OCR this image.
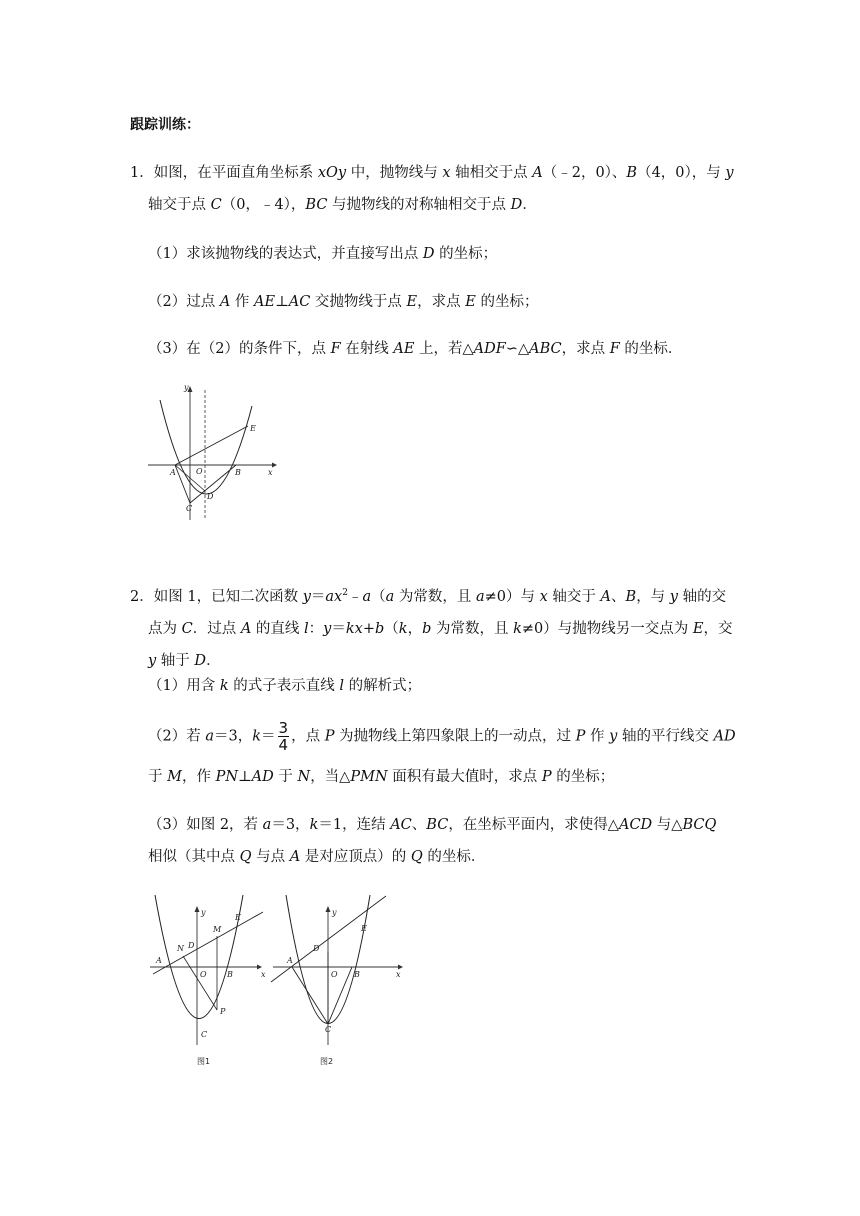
跟踪训练：
1．如图，在平面直角坐标系 xOy 中，抛物线与 x 轴相交于点 A（﹣2，0）、B（4，0），与 y
轴交于点 C（0，﹣4），BC 与抛物线的对称轴相交于点 D．
（1）求该抛物线的表达式，并直接写出点 D 的坐标；
（2）过点 A 作 AE⊥AC 交抛物线于点 E，求点 E 的坐标；
（3）在（2）的条件下，点 F 在射线 AE 上，若△ADF∽△ABC，求点 F 的坐标．
y
x
A	O	B
C
D
E
2．如图 1，已知二次函数 $y=ax^2﹣a(a$ 为常数，且 a≠0）与 x 轴交于 A、B，与 y 轴的交
点为 C．过点 A 的直线 l：y＝kx+b（k，b 为常数，且 k≠0）与抛物线另一交点为 E，交
y 轴于 D．
（1）用含 k 的式子表示直线 l 的解析式；
（2）若 a＝3，$k= \frac{3}{4}$ ，点 P 为抛物线上第四象限上的一动点，过 P 作 y 轴的平行线交 AD
于 M，作 PN⊥AD 于 N，当△PMN 面积有最大值时，求点 P 的坐标；
（3）如图 2，若 a＝3，k＝1，连结 AC、BC，在坐标平面内，求使得△ACD 与△BCQ
相似（其中点 Q 与点 A 是对应顶点）的 Q 的坐标．
y
x
A
N D
M
E
O	B
P
C
图1
y
x
A
D
E
O B
C
图2
